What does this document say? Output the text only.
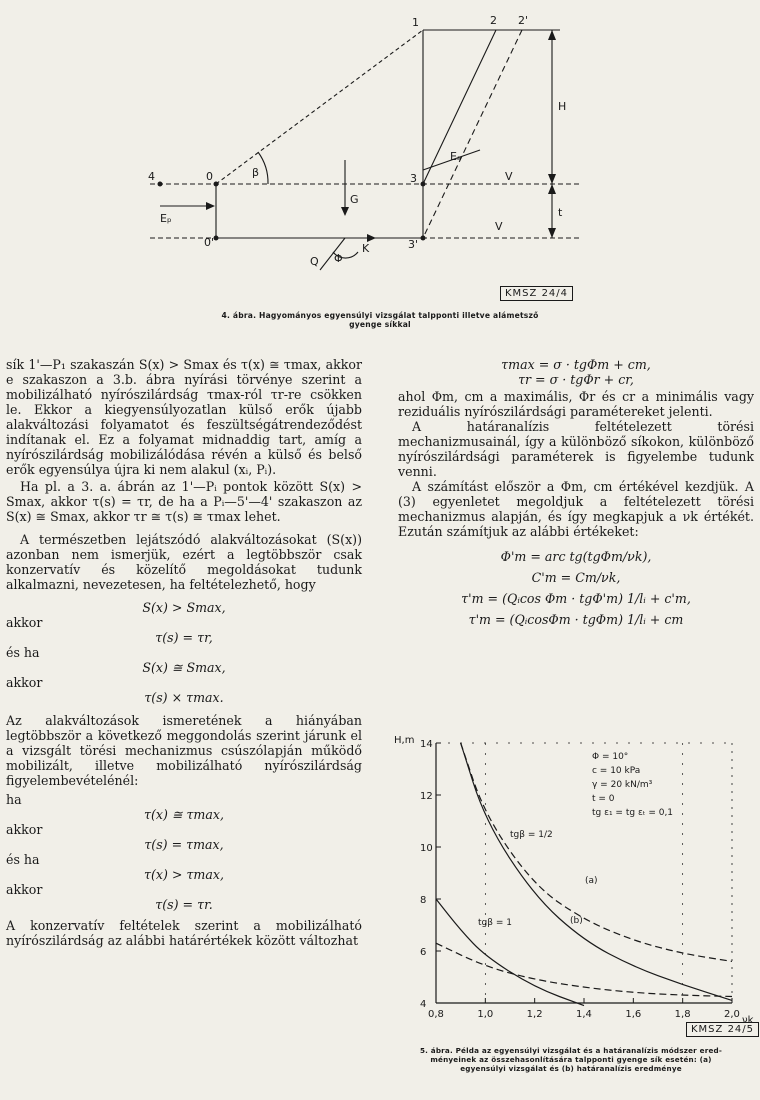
1	2 2'
4	0
0'
3
3'
β
H
Eₐ
Eₚ
G
V
V
t
Q Φ
K
KMSZ 24/4
4. ábra. Hagyományos egyensúlyi vizsgálat talpponti illetve alámetsző
gyenge síkkal

sík 1'—P₁ szakaszán S(x) > Smax és τ(x) ≅ τmax, akkor e szakaszon a 3.b. ábra nyírási törvénye szerint a mobilizálható nyírószilárdság τmax-ról τr-re csökken le. Ekkor a kiegyensúlyozatlan külső erők újabb alakváltozási folyamatot és feszültségátrendeződést indítanak el. Ez a folyamat midnaddig tart, amíg a nyírószilárdság mobilizálódása révén a külső és belső erők egyensúlya újra ki nem alakul (xᵢ, Pᵢ).

Ha pl. a 3. a. ábrán az 1'—Pᵢ pontok között S(x) > Smax, akkor τ(s) = τr, de ha a Pᵢ—5'—4' szakaszon az S(x) ≅ Smax, akkor τr ≅ τ(s) ≅ τmax lehet.

A természetben lejátszódó alakváltozásokat (S(x)) azonban nem ismerjük, ezért a legtöbbször csak konzervatív és közelítő megoldásokat tudunk alkalmazni, nevezetesen, ha feltételezhető, hogy

S(x) > Smax,

akkor

τ(s) = τr,

és ha

S(x) ≅ Smax,

akkor

τ(s) × τmax.

Az alakváltozások ismeretének a hiányában legtöbbször a következő meggondolás szerint járunk el a vizsgált törési mechanizmus csúszólapján működő mobilizált, illetve mobilizálható nyírószilárdság figyelembevételénél:

ha

τ(x) ≅ τmax,

akkor

τ(s) = τmax,

és ha

τ(x) > τmax,

akkor

τ(s) = τr.

A konzervatív feltételek szerint a mobilizálható nyírószilárdság az alábbi határértékek között változhat

τmax = σ · tgΦm + cm,

τr = σ · tgΦr + cr,

ahol Φm, cm a maximális, Φr és cr a minimális vagy reziduális nyírószilárdsági paramétereket jelenti.

A határanalízis feltételezett törési mechanizmusainál, így a különböző síkokon, különböző nyírószilárdsági paraméterek is figyelembe tudunk venni.

A számítást először a Φm, cm értékével kezdjük. A (3) egyenletet megoldjuk a feltételezett törési mechanizmus alapján, és így megkapjuk a νk értékét. Ezután számítjuk az alábbi értékeket:

Φ'm = arc tg(tgΦm/νk),

C'm = Cm/νk,

τ'm = (Qᵢcos Φm · tgΦ'm) 1/lᵢ + c'm,

τ'm = (QᵢcosΦm · tgΦm) 1/lᵢ + cm

0,8	1,0	1,2	1,4	1,6	1,8	2,0
4
6
8
10
12
14
H,m
νk
Φ = 10°
c = 10 kPa
γ = 20 kN/m³
t = 0
tg ε₁ = tg εₜ = 0,1
tgβ = 1/2
tgβ = 1
(a)
(b)
KMSZ 24/5
5. ábra. Példa az egyensúlyi vizsgálat és a határanalízis módszer ered-
ményeinek az összehasonlítására talpponti gyenge sík esetén: (a)
egyensúlyi vizsgálat és (b) határanalízis eredménye
